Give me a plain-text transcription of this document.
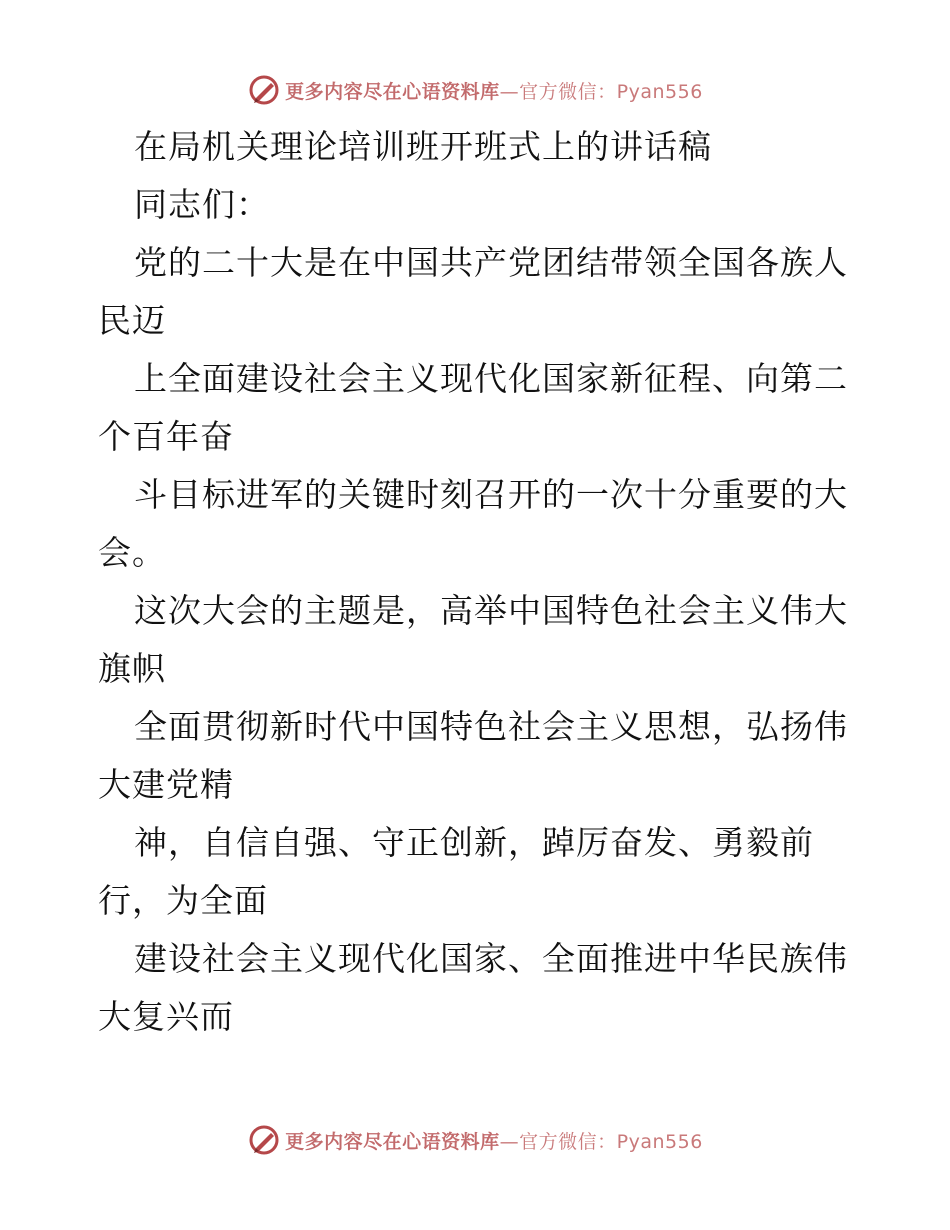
更多内容尽在心语资料库—官方微信：Pyan556
在局机关理论培训班开班式上的讲话稿
同志们：
党的二十大是在中国共产党团结带领全国各族人
民迈
上全面建设社会主义现代化国家新征程、向第二
个百年奋
斗目标进军的关键时刻召开的一次十分重要的大
会。
这次大会的主题是，高举中国特色社会主义伟大
旗帜
全面贯彻新时代中国特色社会主义思想，弘扬伟
大建党精
神，自信自强、守正创新，踔厉奋发、勇毅前
行，为全面
建设社会主义现代化国家、全面推进中华民族伟
大复兴而
更多内容尽在心语资料库—官方微信：Pyan556
